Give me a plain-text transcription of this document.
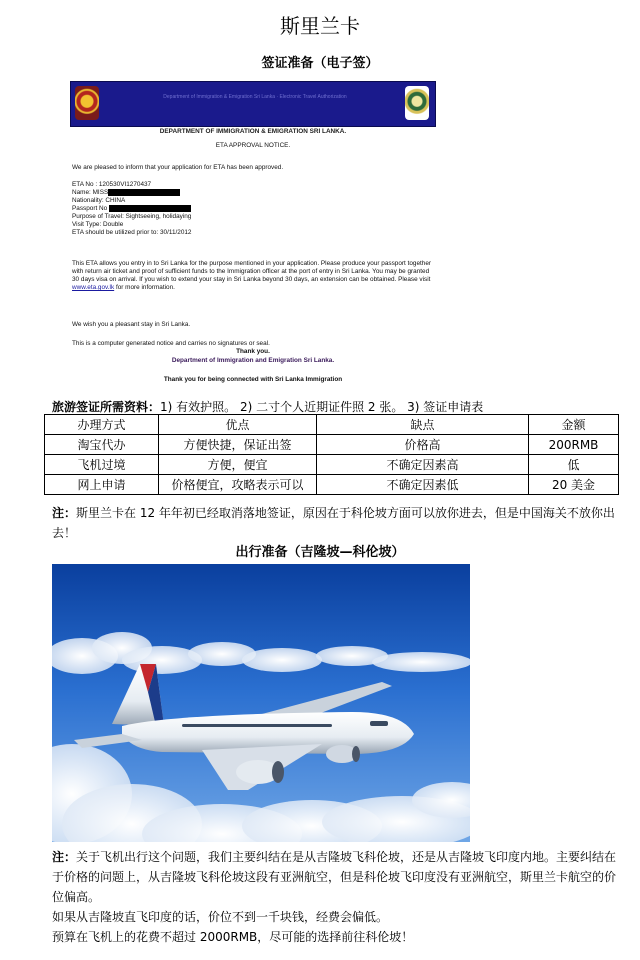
斯里兰卡
签证准备（电子签）
Department of Immigration & Emigration Sri Lanka · Electronic Travel Authorization
DEPARTMENT OF IMMIGRATION & EMIGRATION SRI LANKA.
ETA APPROVAL NOTICE.
We are pleased to inform that your application for ETA has been approved.
ETA No : 120530VI1270437
Name: MISS
Nationality: CHINA
Passport No
Purpose of Travel: Sightseeing, holidaying
Visit Type: Double
ETA should be utilized prior to: 30/11/2012
This ETA allows you entry in to Sri Lanka for the purpose mentioned in your application. Please produce your passport together with return air ticket and proof of sufficient funds to the Immigration officer at the port of entry in Sri Lanka. You may be granted 30 days visa on arrival. If you wish to extend your stay in Sri Lanka beyond 30 days, an extension can be obtained. Please visit www.eta.gov.lk for more information.
We wish you a pleasant stay in Sri Lanka.
This is a computer generated notice and carries no signatures or seal.
Thank you.
Department of Immigration and Emigration Sri Lanka.
Thank you for being connected with Sri Lanka Immigration
旅游签证所需资料：1) 有效护照。 2) 二寸个人近期证件照 2 张。 3) 签证申请表
办理方式	优点	缺点	金额
淘宝代办	方便快捷，保证出签	价格高	200RMB
飞机过境	方便，便宜	不确定因素高	低
网上申请	价格便宜，攻略表示可以	不确定因素低	20 美金
注：斯里兰卡在 12 年年初已经取消落地签证，原因在于科伦坡方面可以放你进去，但是中国海关不放你出去！
出行准备（吉隆坡—科伦坡）
注：关于飞机出行这个问题，我们主要纠结在是从吉隆坡飞科伦坡，还是从吉隆坡飞印度内地。主要纠结在于价格的问题上，从吉隆坡飞科伦坡这段有亚洲航空，但是科伦坡飞印度没有亚洲航空，斯里兰卡航空的价位偏高。
如果从吉隆坡直飞印度的话，价位不到一千块钱，经费会偏低。
预算在飞机上的花费不超过 2000RMB，尽可能的选择前往科伦坡！
